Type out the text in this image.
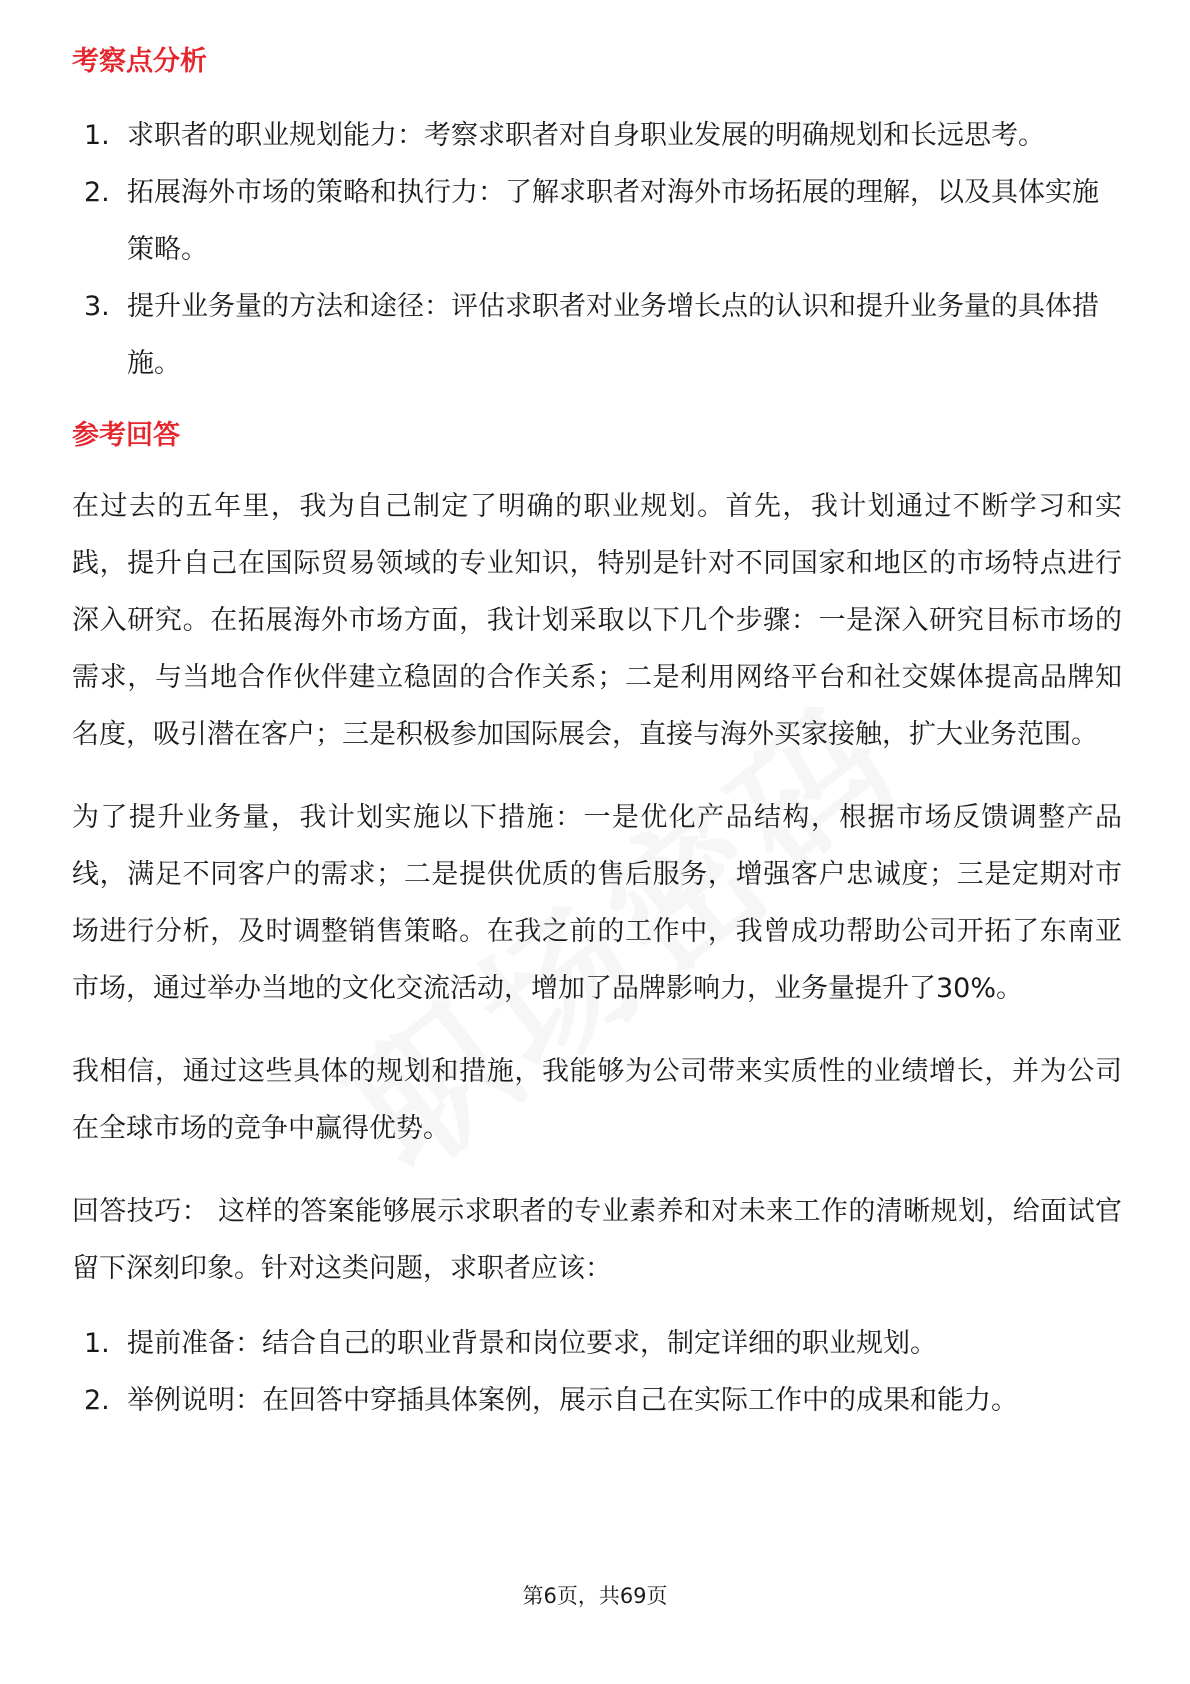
考察点分析
1. 求职者的职业规划能力：考察求职者对自身职业发展的明确规划和长远思考。
2. 拓展海外市场的策略和执行力：了解求职者对海外市场拓展的理解，以及具体实施策略。
3. 提升业务量的方法和途径：评估求职者对业务增长点的认识和提升业务量的具体措施。
参考回答

在过去的五年里，我为自己制定了明确的职业规划。首先，我计划通过不断学习和实践，提升自己在国际贸易领域的专业知识，特别是针对不同国家和地区的市场特点进行深入研究。在拓展海外市场方面，我计划采取以下几个步骤：一是深入研究目标市场的需求，与当地合作伙伴建立稳固的合作关系；二是利用网络平台和社交媒体提高品牌知名度，吸引潜在客户；三是积极参加国际展会，直接与海外买家接触，扩大业务范围。

为了提升业务量，我计划实施以下措施：一是优化产品结构，根据市场反馈调整产品线，满足不同客户的需求；二是提供优质的售后服务，增强客户忠诚度；三是定期对市场进行分析，及时调整销售策略。在我之前的工作中，我曾成功帮助公司开拓了东南亚市场，通过举办当地的文化交流活动，增加了品牌影响力，业务量提升了30%。

我相信，通过这些具体的规划和措施，我能够为公司带来实质性的业绩增长，并为公司在全球市场的竞争中赢得优势。

回答技巧： 这样的答案能够展示求职者的专业素养和对未来工作的清晰规划，给面试官留下深刻印象。针对这类问题，求职者应该：

1. 提前准备：结合自己的职业背景和岗位要求，制定详细的职业规划。
2. 举例说明：在回答中穿插具体案例，展示自己在实际工作中的成果和能力。
第6页，共69页
